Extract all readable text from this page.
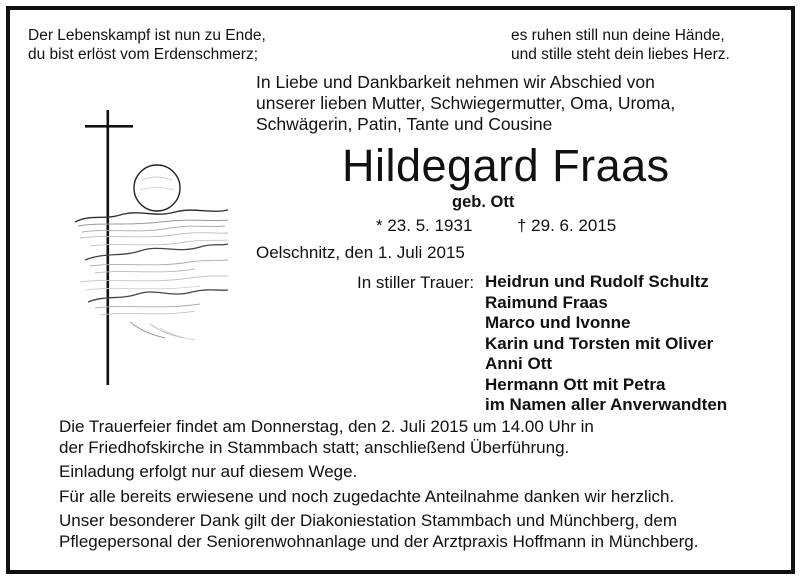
Der Lebenskampf ist nun zu Ende,
du bist erlöst vom Erdenschmerz;
es ruhen still nun deine Hände,
und stille steht dein liebes Herz.
In Liebe und Dankbarkeit nehmen wir Abschied von
unserer lieben Mutter, Schwiegermutter, Oma, Uroma,
Schwägerin, Patin, Tante und Cousine
Hildegard Fraas
geb. Ott
* 23. 5. 1931	† 29. 6. 2015
Oelschnitz, den 1. Juli 2015
In stiller Trauer: Heidrun und Rudolf Schultz
Raimund Fraas
Marco und Ivonne
Karin und Torsten mit Oliver
Anni Ott
Hermann Ott mit Petra
im Namen aller Anverwandten

Die Trauerfeier findet am Donnerstag, den 2. Juli 2015 um 14.00 Uhr in

der Friedhofskirche in Stammbach statt; anschließend Überführung.

Einladung erfolgt nur auf diesem Wege.

Für alle bereits erwiesene und noch zugedachte Anteilnahme danken wir herzlich.

Unser besonderer Dank gilt der Diakoniestation Stammbach und Münchberg, dem

Pflegepersonal der Seniorenwohnanlage und der Arztpraxis Hoffmann in Münchberg.
